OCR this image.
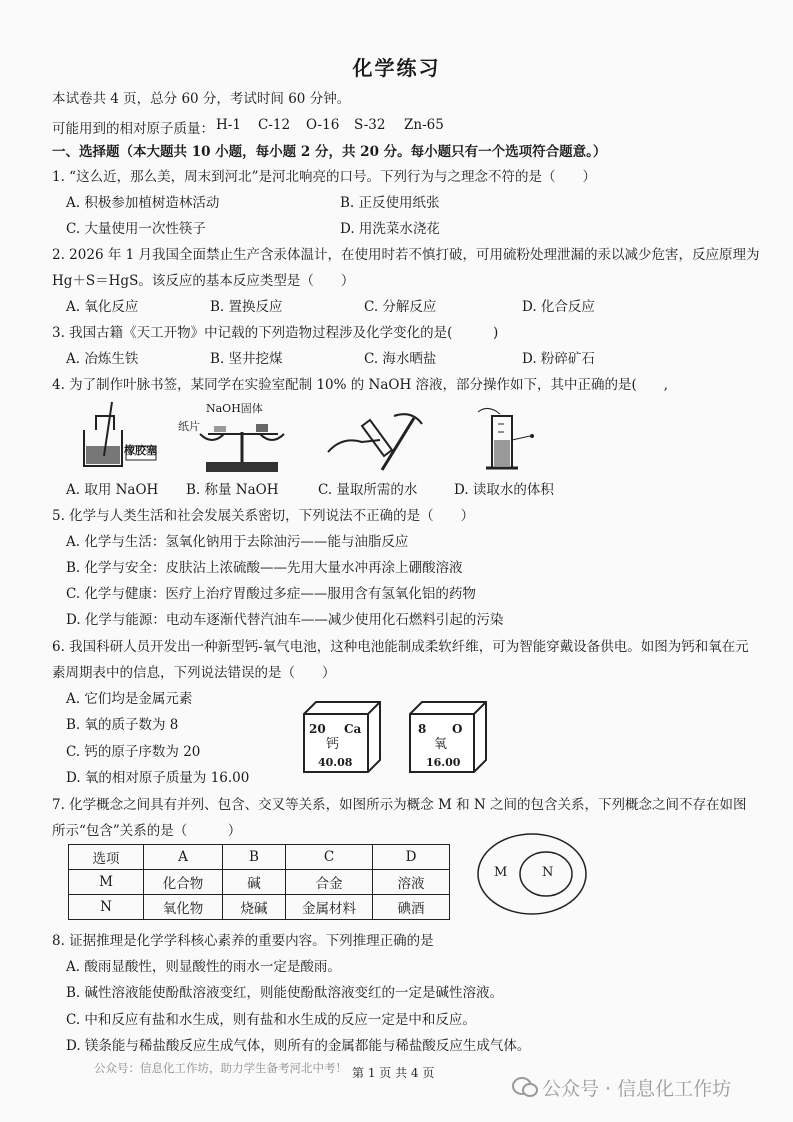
化学练习
本试卷共 4 页，总分 60 分，考试时间 60 分钟。
可能用到的相对原子质量： H-1 C-12 O-16 S-32 Zn-65
一、选择题（本大题共 10 小题，每小题 2 分，共 20 分。每小题只有一个选项符合题意。）
1. “这么近，那么美，周末到河北”是河北响亮的口号。下列行为与之理念不符的是（　　）
A. 积极参加植树造林活动	B. 正反使用纸张
C. 大量使用一次性筷子	D. 用洗菜水浇花
2. 2026 年 1 月我国全面禁止生产含汞体温计，在使用时若不慎打破，可用硫粉处理泄漏的汞以减少危害，反应原理为
Hg＋S＝HgS。该反应的基本反应类型是（　　）
A. 氧化反应	B. 置换反应	C. 分解反应	D. 化合反应
3. 我国古籍《天工开物》中记载的下列造物过程涉及化学变化的是(　　　)
A. 冶炼生铁	B. 坚井挖煤	C. 海水晒盐	D. 粉碎矿石
4. 为了制作叶脉书签，某同学在实验室配制 10% 的 NaOH 溶液，部分操作如下，其中正确的是(　　,
橡胶塞
NaOH固体
纸片
A. 取用 NaOH B. 称量 NaOH	C. 量取所需的水	D. 读取水的体积
5. 化学与人类生活和社会发展关系密切，下列说法不正确的是（　　）
A. 化学与生活：氢氧化钠用于去除油污——能与油脂反应
B. 化学与安全：皮肤沾上浓硫酸——先用大量水冲再涂上硼酸溶液
C. 化学与健康：医疗上治疗胃酸过多症——服用含有氢氧化铝的药物
D. 化学与能源：电动车逐渐代替汽油车——减少使用化石燃料引起的污染
6. 我国科研人员开发出一种新型钙-氧气电池，这种电池能制成柔软纤维，可为智能穿戴设备供电。如图为钙和氧在元
素周期表中的信息，下列说法错误的是（　　）
A. 它们均是金属元素
B. 氧的质子数为 8
C. 钙的原子序数为 20
D. 氧的相对原子质量为 16.00
20 Ca
钙
40.08
8 O
氧
16.00
7. 化学概念之间具有并列、包含、交叉等关系，如图所示为概念 M 和 N 之间的包含关系，下列概念之间不存在如图
所示“包含”关系的是（　　　）
选项	A	B	C	D
M	化合物	碱	合金	溶液
N	氧化物	烧碱	金属材料	碘酒
M	N
8. 证据推理是化学学科核心素养的重要内容。下列推理正确的是
A. 酸雨显酸性，则显酸性的雨水一定是酸雨。
B. 碱性溶液能使酚酞溶液变红，则能使酚酞溶液变红的一定是碱性溶液。
C. 中和反应有盐和水生成，则有盐和水生成的反应一定是中和反应。
D. 镁条能与稀盐酸反应生成气体，则所有的金属都能与稀盐酸反应生成气体。
公众号：信息化工作坊，助力学生备考河北中考！ 第 1 页 共 4 页
公众号 · 信息化工作坊
